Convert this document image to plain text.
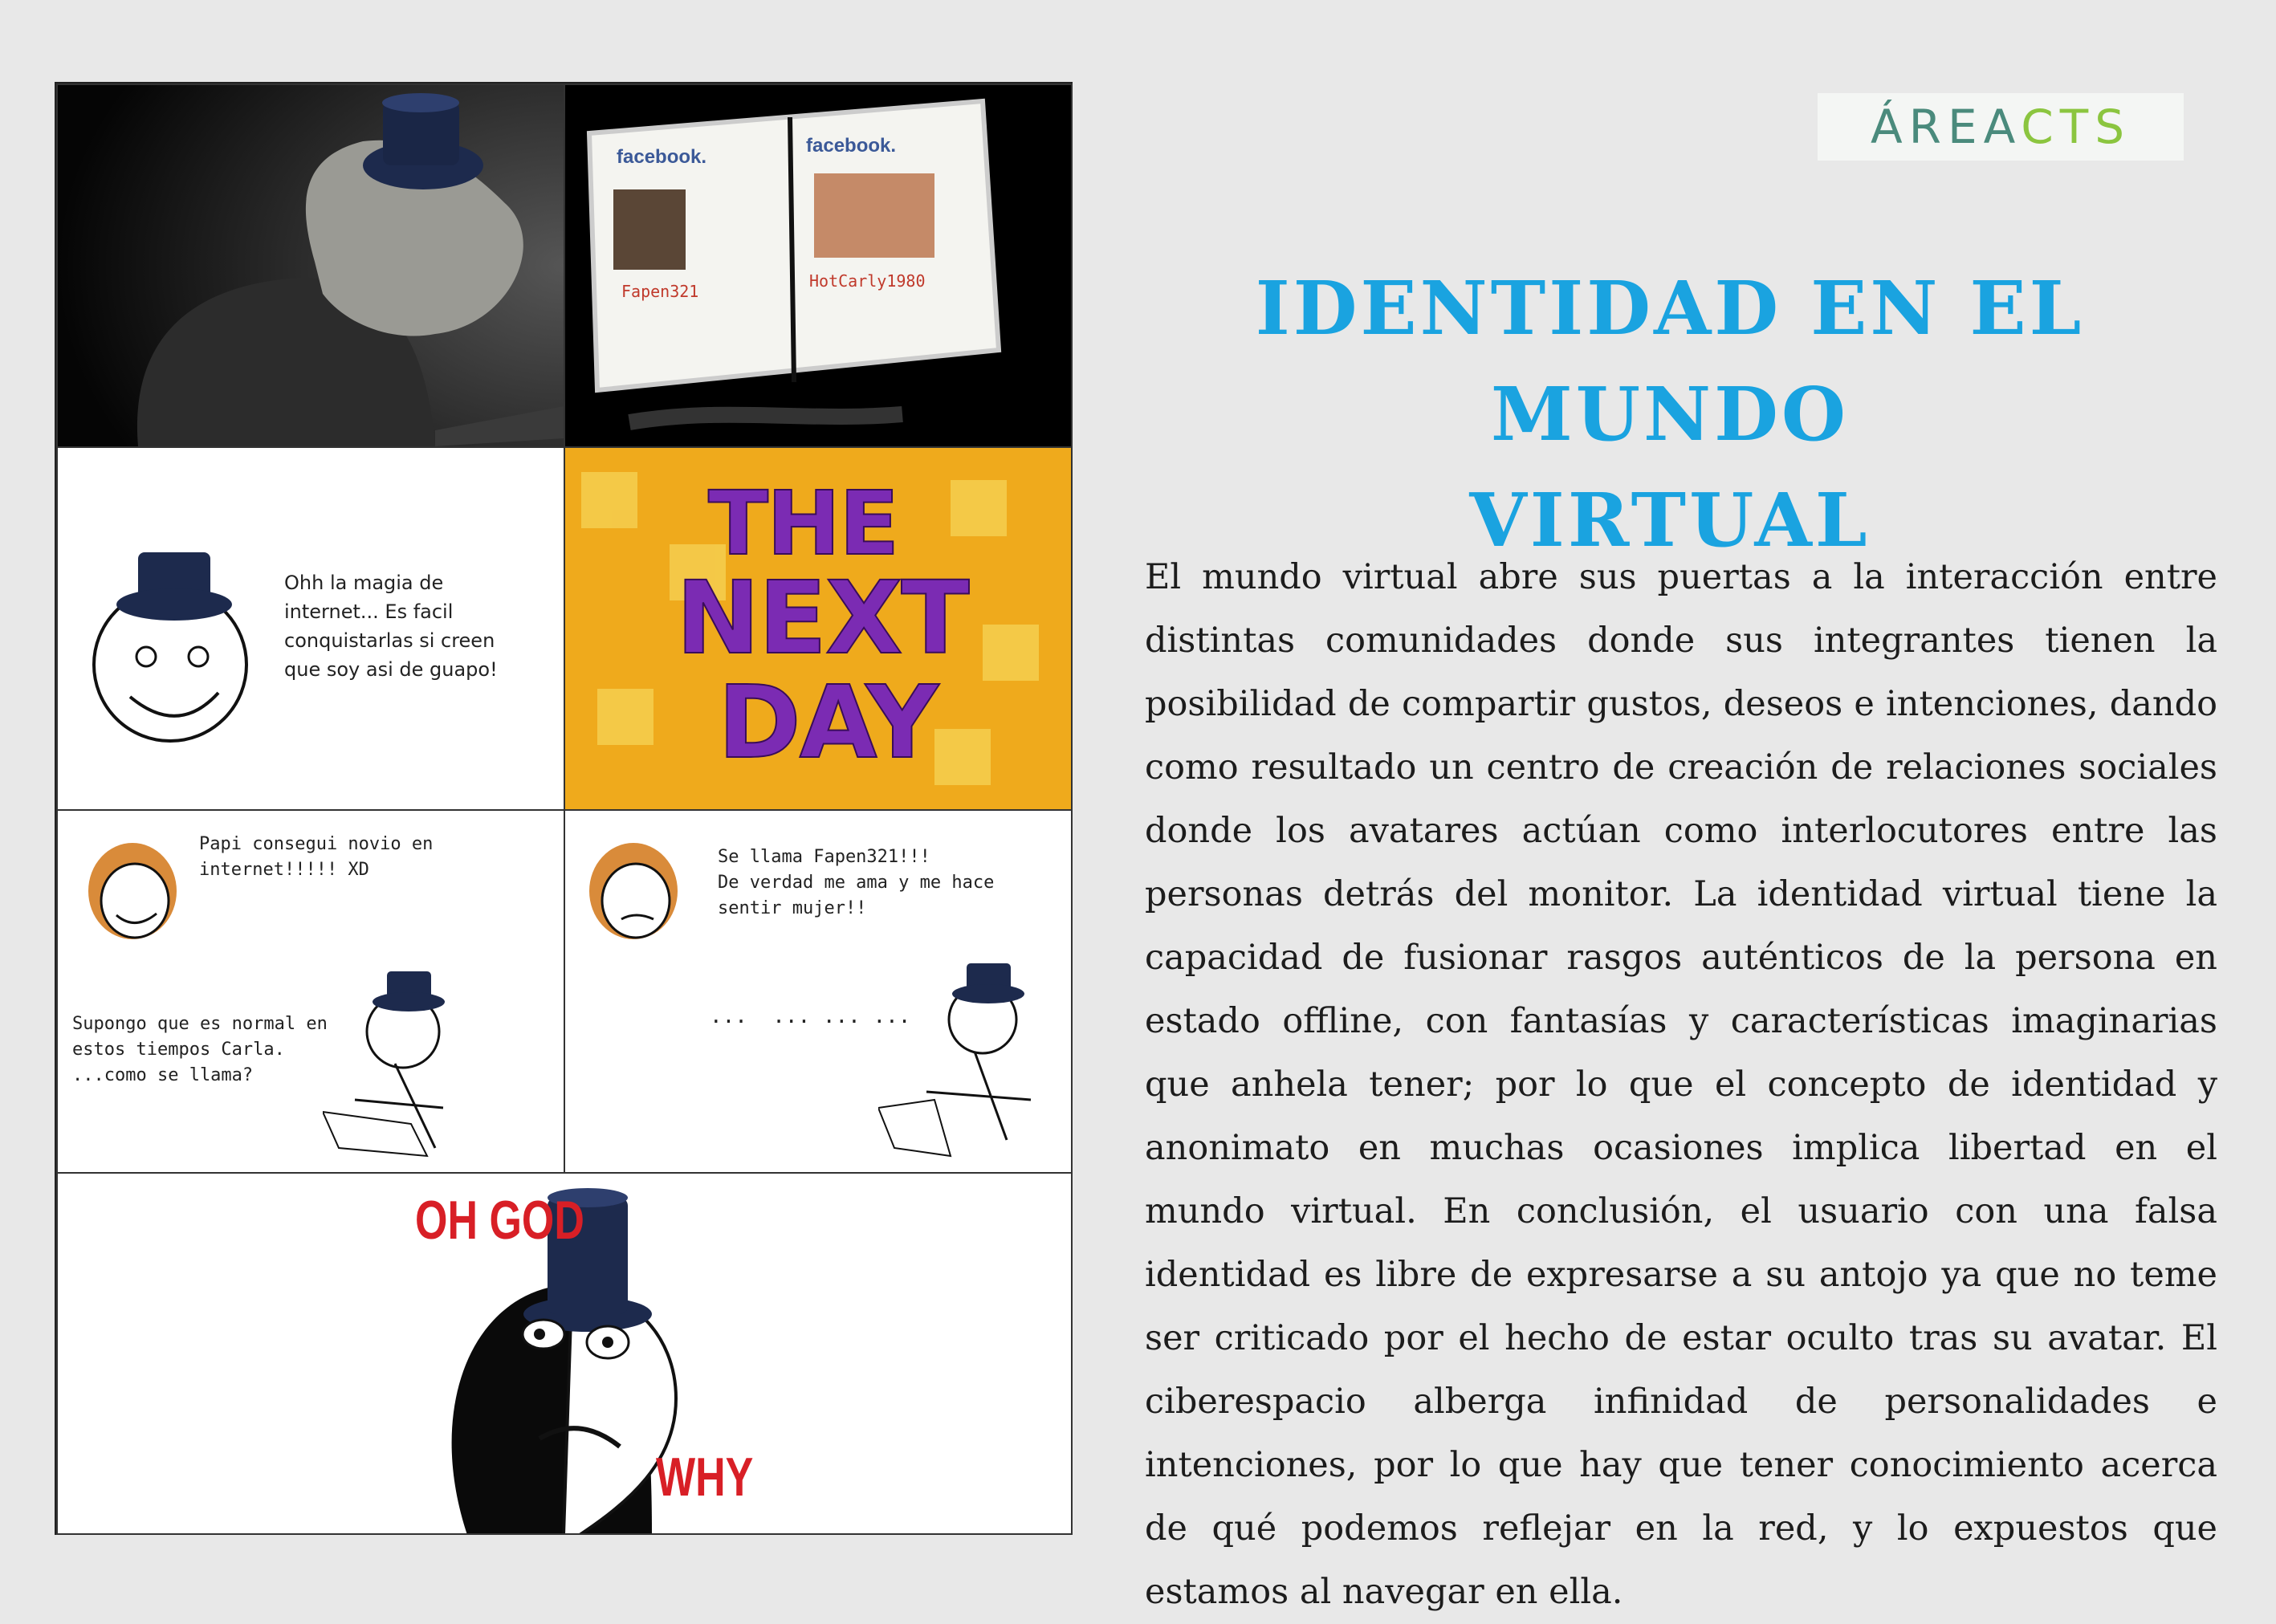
facebook.
Fapen321
facebook.
HotCarly1980
Ohh la magia de
internet... Es facil
conquistarlas si creen
que soy asi de guapo!
THE
NEXT
DAY
Papi consegui novio en
internet!!!!! XD
Supongo que es normal en
estos tiempos Carla.
...como se llama?
Se llama Fapen321!!!
De verdad me ama y me hace
sentir mujer!!
...  ... ... ...
OH GOD
WHY
ÁREACTS
IDENTIDAD EN EL MUNDO
VIRTUAL
El mundo virtual abre sus puertas a la interacción entre distintas comunidades donde sus integrantes tienen la posibilidad de compartir gustos, deseos e intenciones, dando como resultado un centro de creación de relaciones sociales donde los avatares actúan como interlocutores entre las personas detrás del monitor. La identidad virtual tiene la capacidad de fusionar rasgos auténticos de la persona en estado offline, con fantasías y características imaginarias que anhela tener; por lo que el concepto de identidad y anonimato en muchas ocasiones implica libertad en el mundo virtual. En conclusión, el usuario con una falsa identidad es libre de expresarse a su antojo ya que no teme ser criticado por el hecho de estar oculto tras su avatar. El ciberespacio alberga infinidad de personalidades e intenciones, por lo que hay que tener conocimiento acerca de qué podemos reflejar en la red, y lo expuestos que estamos al navegar en ella.
